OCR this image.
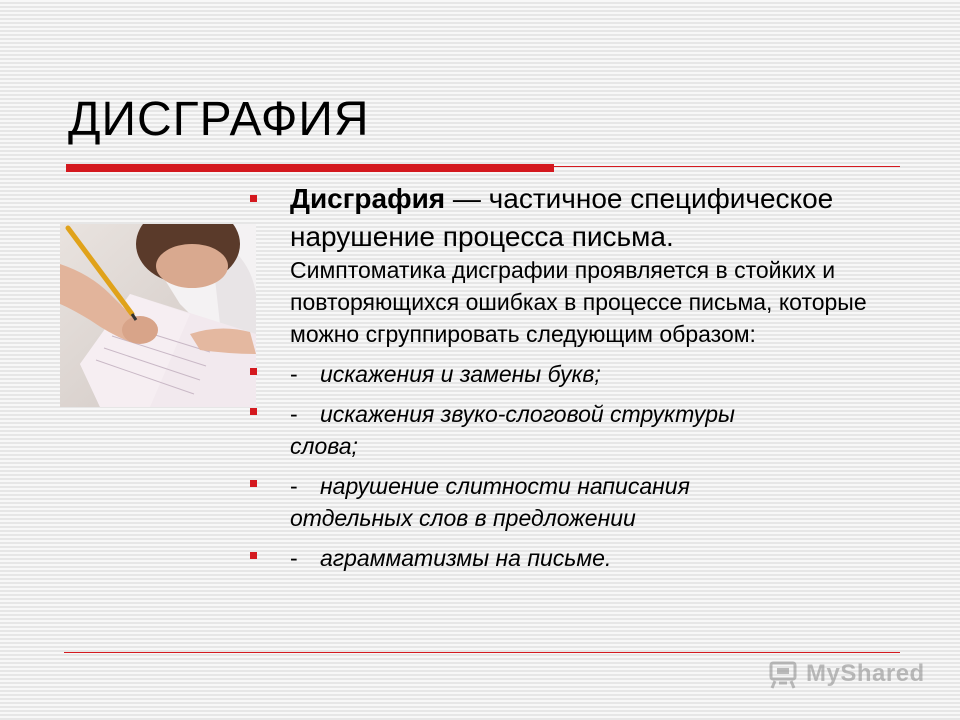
ДИСГРАФИЯ
Дисграфия — частичное специфическое нарушение процесса письма.
Симптоматика дисграфии проявляется в стойких и повторяющихся ошибках в процессе письма, которые можно сгруппировать следующим образом:
- искажения и замены букв;
- искажения звуко-слоговой структуры
слова;
- нарушение слитности написания
отдельных слов в предложении
- аграмматизмы на письме.
MyShared
